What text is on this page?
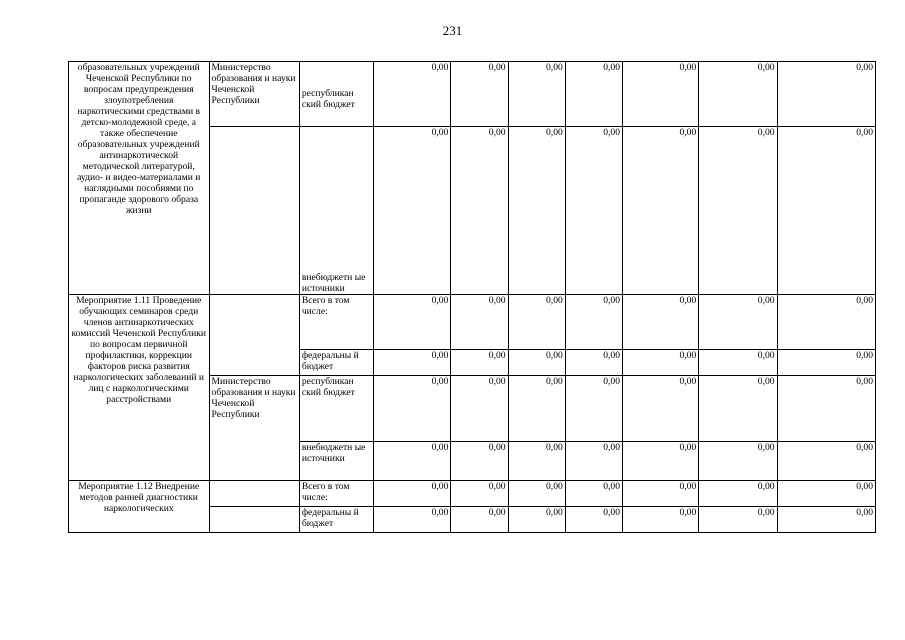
231
образовательных учреждений Чеченской Республики по вопросам предупреждения злоупотребления наркотическими средствами в детско-молодежной среде, а также обеспечение образовательных учреждений антинаркотической методической литературой, аудио- и видео-материалами и наглядными пособиями по пропаганде здорового образа жизни	Министерство образования и науки Чеченской Республики	республикан ский бюджет	0,00	0,00	0,00	0,00	0,00	0,00	0,00
		внебюджетн ые источники	0,00	0,00	0,00	0,00	0,00	0,00	0,00
Мероприятие 1.11 Проведение обучающих семинаров среди членов антинаркотических комиссий Чеченской Республики по вопросам первичной профилактики, коррекции факторов риска развития наркологических заболеваний и лиц с наркологическими расстройствами		Всего в том числе:	0,00	0,00	0,00	0,00	0,00	0,00	0,00
		федеральны й бюджет	0,00	0,00	0,00	0,00	0,00	0,00	0,00
	Министерство образования и науки Чеченской Республики	республикан ский бюджет	0,00	0,00	0,00	0,00	0,00	0,00	0,00
		внебюджетн ые источники	0,00	0,00	0,00	0,00	0,00	0,00	0,00
Мероприятие 1.12 Внедрение методов ранней диагностики наркологических		Всего в том числе:	0,00	0,00	0,00	0,00	0,00	0,00	0,00
		федеральны й бюджет	0,00	0,00	0,00	0,00	0,00	0,00	0,00
